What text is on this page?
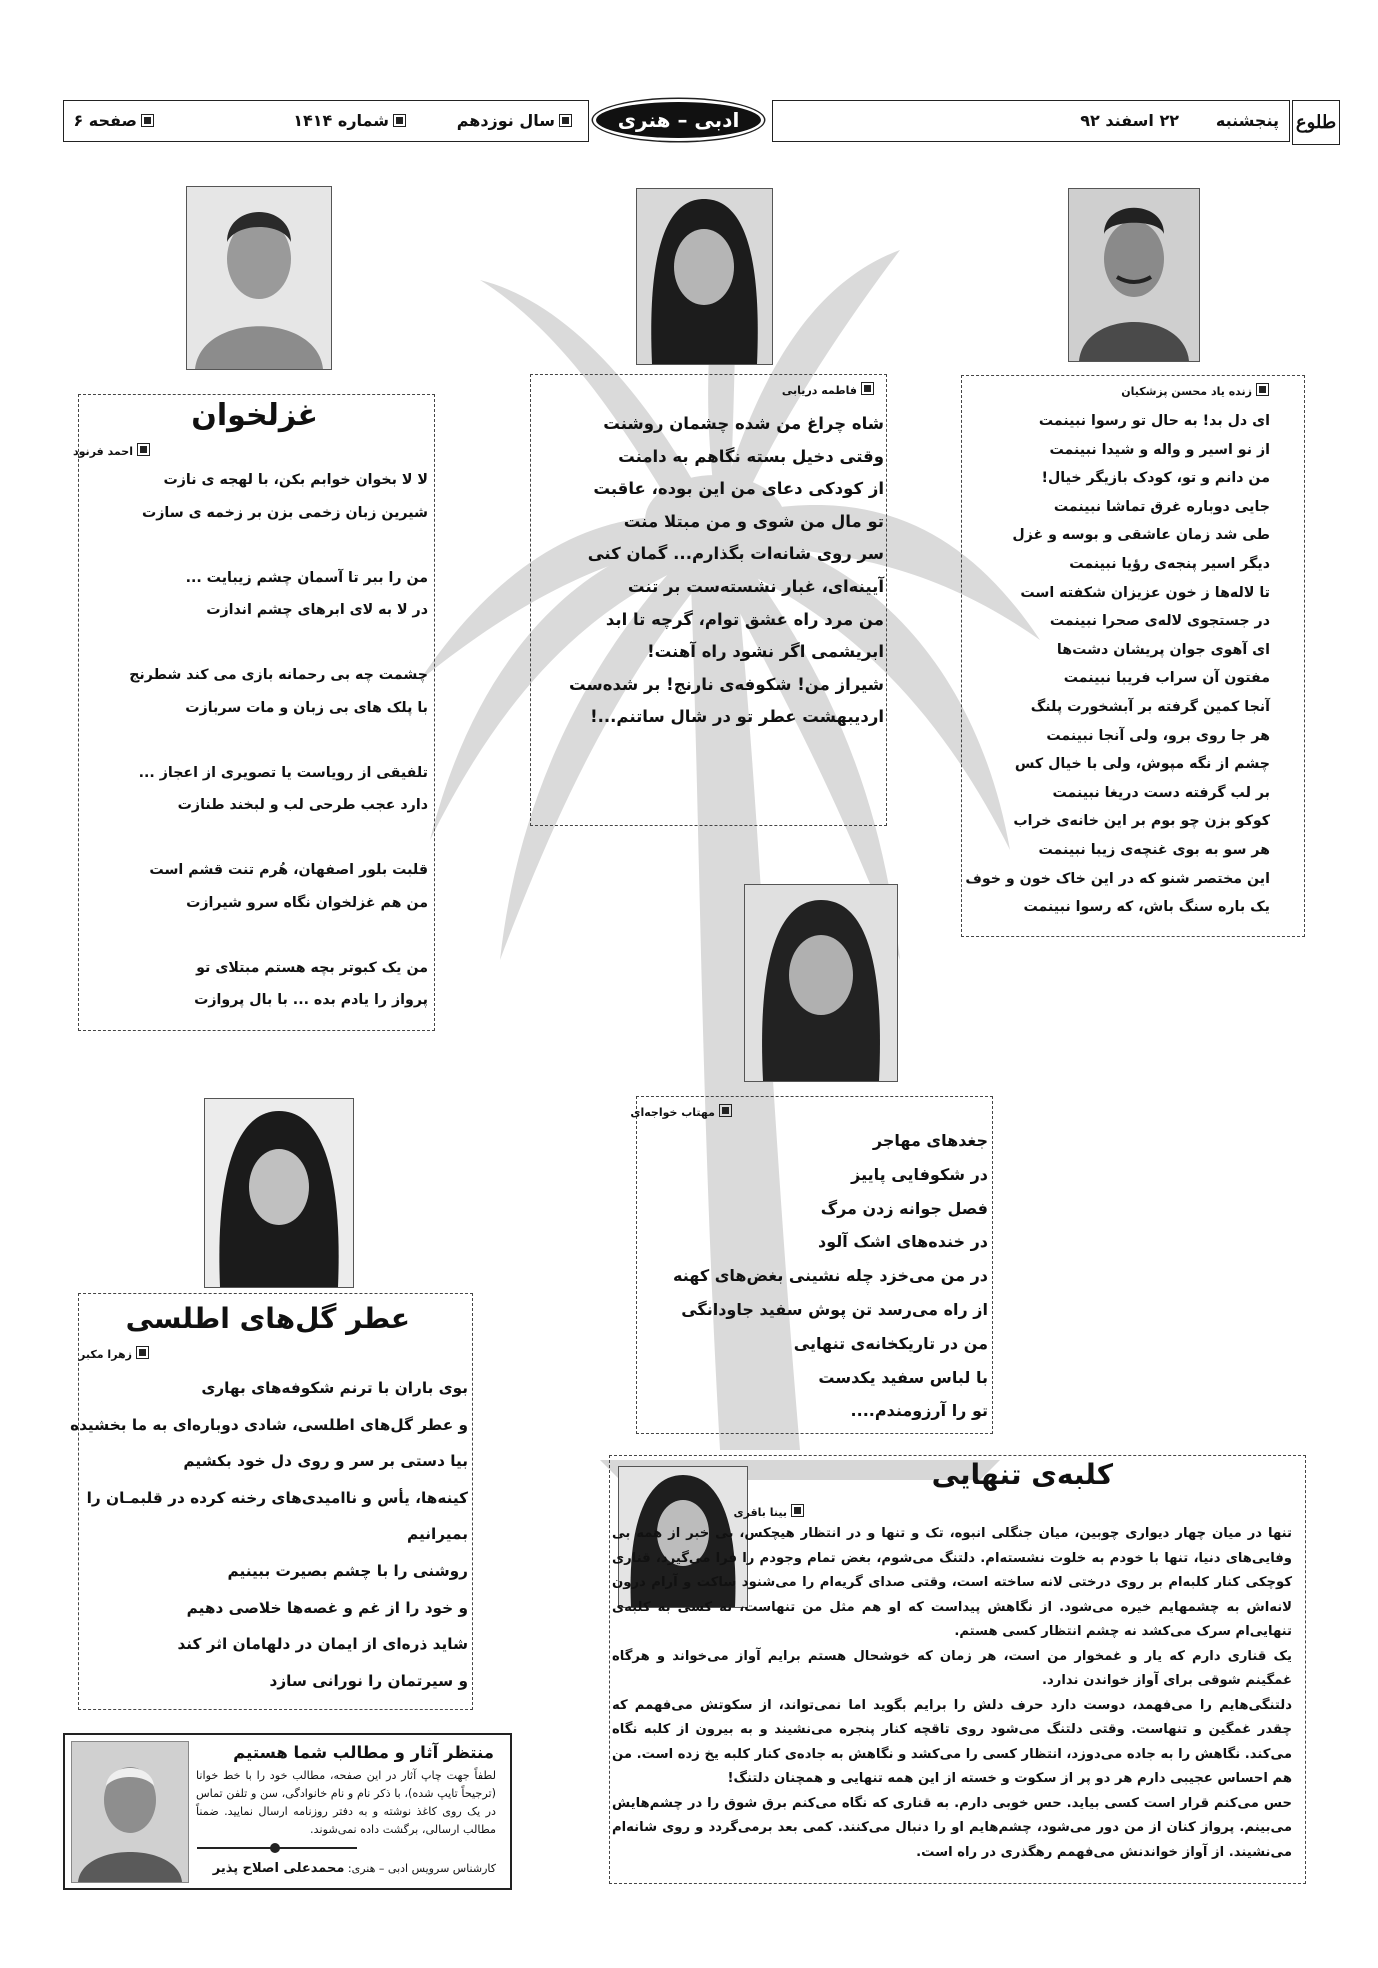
طلوع
پنجشنبه
۲۲ اسفند ۹۲
ادبی – هنری
سال نوزدهم
شماره ۱۴۱۴
صفحه ۶
زنده یاد محسن پزشکیان
ای دل بد! به حال تو رسوا نبینمت
از نو اسیر و واله و شیدا نبینمت
من دانم و تو، کودک بازیگر خیال!
جایی دوباره غرق تماشا نبینمت
طی شد زمان عاشقی و بوسه و غزل
دیگر اسیر پنجه‌ی رؤیا نبینمت
تا لاله‌ها ز خون عزیزان شکفته است
در جستجوی لاله‌ی صحرا نبینمت
ای آهوی جوان پریشان دشت‌ها
مفتون آن سراب فریبا نبینمت
آنجا کمین گرفته بر آبشخورت پلنگ
هر جا روی برو، ولی آنجا نبینمت
چشم از نگه مپوش، ولی با خیال کس
بر لب گرفته دست دریغا نبینمت
کوکو بزن چو بوم بر این خانه‌ی خراب
هر سو به بوی غنچه‌ی زیبا نبینمت
این مختصر شنو که در این خاک خون و خوف
یک باره سنگ باش، که رسوا نبینمت
فاطمه دریابی
شاه چراغ من شده چشمان روشنت
وقتی دخیل بسته نگاهم به دامنت
از کودکی دعای من این بوده، عاقبت
تو مال من شوی و من مبتلا منت
سر روی شانه‌ات بگذارم... گمان کنی
آیینه‌ای، غبار نشسته‌ست بر تنت
من مرد راه عشق توام، گرچه تا ابد
ابریشمی اگر نشود راه آهنت!
شیراز من! شکوفه‌ی نارنج! بر شده‌ست
اردیبهشت عطر تو در شال ساتنم...!
غزلخوان
احمد فرنود
لا لا بخوان خوابم بکن، با لهجه ی نازت
شیرین زبان زخمی بزن بر زخمه ی سازت
من را ببر تا آسمان چشم زیبایت ...
در لا به لای ابرهای چشم اندازت
چشمت چه بی رحمانه بازی می کند شطرنج
با پلک های بی زبان و مات سربازت
تلفیقی از رویاست یا تصویری از اعجاز ...
دارد عجب طرحی لب و لبخند طنازت
قلبت بلور اصفهان، هُرم تنت قشم است
من هم غزلخوان نگاه سرو شیرازت
من یک کبوتر بچه هستم مبتلای تو
پرواز را یادم بده ... با بال پروازت
مهتاب خواجه‌ای
جغدهای مهاجر
در شکوفایی پاییز
فصل جوانه زدن مرگ
در خنده‌های اشک آلود
در من می‌خزد چله نشینی بغض‌های کهنه
از راه می‌رسد تن پوش سفید جاودانگی
من در تاریکخانه‌ی تنهایی
با لباس سفید یکدست
تو را آرزومندم....
عطر گل‌های اطلسی
زهرا مکبر
بوی باران با ترنم شکوفه‌های بهاری
و عطر گل‌های اطلسی، شادی دوباره‌ای به ما بخشیده
بیا دستی بر سر و روی دل خود بکشیم
کینه‌ها، یأس و ناامیدی‌های رخنه کرده در قلبمـان را
بمیرانیم
روشنی را با چشم بصیرت ببینیم
و خود را از غم و غصه‌ها خلاصی دهیم
شاید ذره‌ای از ایمان در دلهامان اثر کند
و سیرتمان را نورانی سازد
کلبه‌ی تنهایی
بینا باقری

تنها در میان چهار دیواری چوبین، میان جنگلی انبوه، تک و تنها و در انتظار هیچکس، بی خبر از همه بی وفایی‌های دنیا، تنها با خودم به خلوت نشسته‌ام. دلتنگ می‌شوم، بغض تمام وجودم را فرا می‌گیرد، قناری کوچکی کنار کلبه‌ام بر روی درختی لانه ساخته است، وقتی صدای گریه‌ام را می‌شنود ساکت و آرام درون لانه‌اش به چشمهایم خیره می‌شود. از نگاهش پیداست که او هم مثل من تنهاست، نه کسی به کلبه‌ی تنهایی‌ام سرک می‌کشد نه چشم انتظار کسی هستم.

یک قناری دارم که یار و غمخوار من است، هر زمان که خوشحال هستم برایم آواز می‌خواند و هرگاه غمگینم شوقی برای آواز خواندن ندارد.

دلتنگی‌هایم را می‌فهمد، دوست دارد حرف دلش را برایم بگوید اما نمی‌تواند، از سکوتش می‌فهمم که چقدر غمگین و تنهاست. وقتی دلتنگ می‌شود روی تاقچه کنار پنجره می‌نشیند و به بیرون از کلبه نگاه می‌کند. نگاهش را به جاده می‌دوزد، انتظار کسی را می‌کشد و نگاهش به جاده‌ی کنار کلبه یخ زده است. من هم احساس عجیبی دارم هر دو پر از سکوت و خسته از این همه تنهایی و همچنان دلتنگ!

حس می‌کنم قرار است کسی بیاید. حس خوبی دارم. به قناری که نگاه می‌کنم برق شوق را در چشم‌هایش می‌بینم. پرواز کنان از من دور می‌شود، چشم‌هایم او را دنبال می‌کنند. کمی بعد برمی‌گردد و روی شانه‌ام می‌نشیند. از آواز خواندنش می‌فهمم رهگذری در راه است.

منتظر آثار و مطالب شما هستیم
لطفاً جهت چاپ آثار در این صفحه، مطالب خود را با خط خوانا (ترجیحاً تایپ شده)، با ذکر نام و نام خانوادگی، سن و تلفن تماس در یک روی کاغذ نوشته و به دفتر روزنامه ارسال نمایید. ضمناً مطالب ارسالی، برگشت داده نمی‌شوند.
کارشناس سرویس ادبی – هنری: محمدعلی اصلاح پذیر
